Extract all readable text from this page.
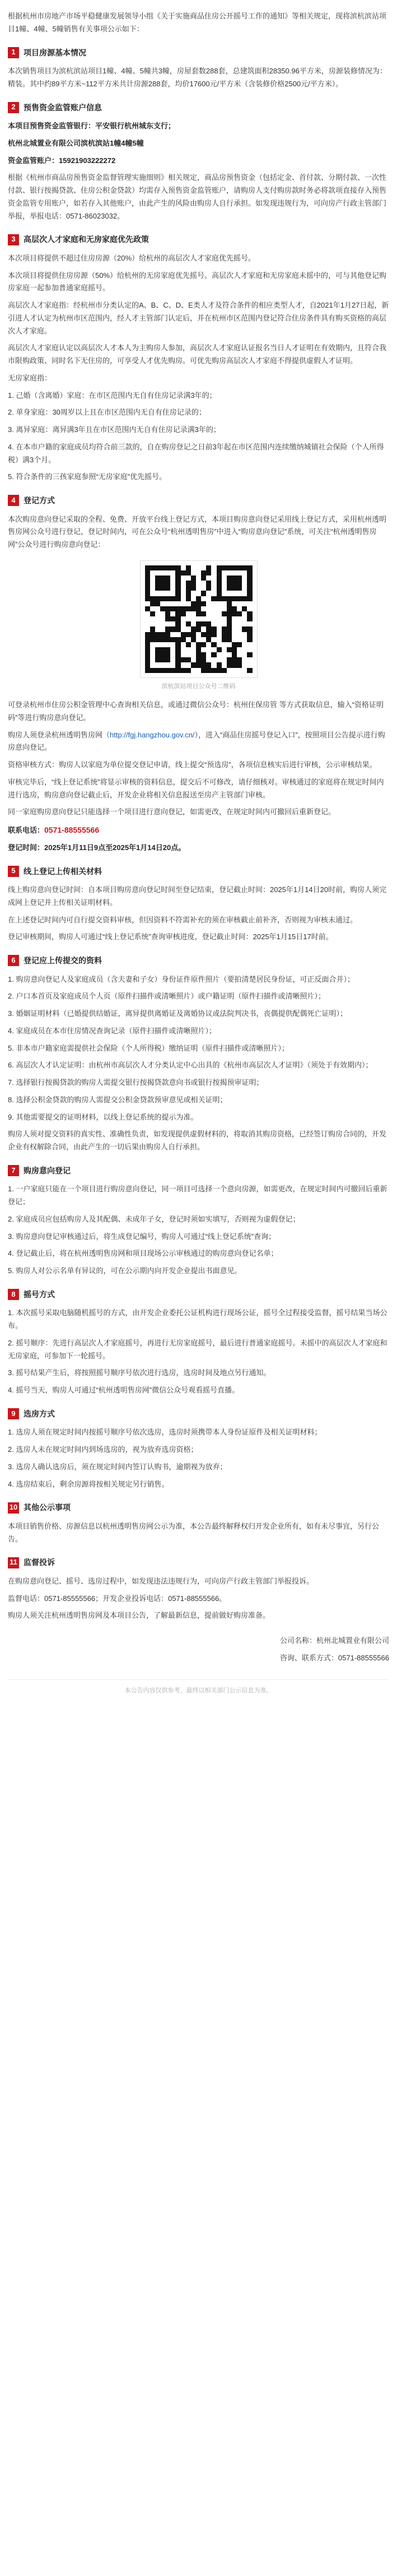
根据杭州市房地产市场平稳健康发展领导小组《关于实施商品住房公开摇号工作的通知》等相关规定，现将滨杭滨站项目1幢、4幢、5幢销售有关事项公示如下：

1	项目房源基本情况

本次销售项目为滨杭滨站项目1幢、4幢、5幢共3幢，房屋套数288套，总建筑面积28350.96平方米，房源装修情况为：精装。其中约89平方米~112平方米共计房源288套，均价17600元/平方米（含装修价格2500元/平方米）。

2	预售资金监管账户信息

本项目预售资金监管银行：平安银行杭州城东支行；

杭州北城置业有限公司滨杭滨站1幢4幢5幢

资金监管账户：15921903222272

根据《杭州市商品房预售资金监督管理实施细则》相关规定，商品房预售资金（包括定金、首付款、分期付款、一次性付款、银行按揭贷款、住房公积金贷款）均需存入预售资金监管账户，请购房人支付购房款时务必将款项直接存入预售资金监管专用账户，如若存入其他账户，由此产生的风险由购房人自行承担。如发现违规行为，可向房产行政主管部门举报，举报电话：0571-86023032。

3	高层次人才家庭和无房家庭优先政策

本次项目将提供不超过住房房源（20%）给杭州的高层次人才家庭优先摇号。

本次项目将提供住房房源（50%）给杭州的无房家庭优先摇号。高层次人才家庭和无房家庭未摇中的，可与其他登记购房家庭一起参加普通家庭摇号。

高层次人才家庭指：经杭州市分类认定的A、B、C、D、E类人才及符合条件的相应类型人才，自2021年1月27日起，新引进人才认定为杭州市区范围内，经人才主管部门认定后，并在杭州市区范围内登记符合住房条件具有购买资格的高层次人才家庭。

高层次人才家庭认定以高层次人才本人为主购房人参加，高层次人才家庭认证报名当日人才证明在有效期内，且符合我市限购政策、同时名下无住房的，可享受人才优先购房。可优先购房高层次人才家庭不得提供虚假人才证明。

无房家庭指：

1. 己婚（含离婚）家庭：在市区范围内无自有住房记录满3年的；

2. 单身家庭：30周岁以上且在市区范围内无自有住房记录的；

3. 离异家庭：离异满3年且在市区范围内无自有住房记录满3年的；

4. 在本市户籍的家庭成员均符合前三款的，自在购房登记之日前3年起在市区范围内连续缴纳城镇社会保险（个人所得税）满3个月。

5. 符合条件的三孩家庭参照“无房家庭”优先摇号。

4	登记方式

本次购房意向登记采取的全程、免费、开放平台线上登记方式，本项目购房意向登记采用线上登记方式，采用杭州透明售房网公众号进行登记，登记时间内，可在公众号“杭州透明售房”中进入“购房意向登记”系统，可关注“杭州透明售房网”公众号进行购房意向登记：

滨杭滨站项目公众号二维码

可登录杭州市住房公积金管理中心查询相关信息，或通过微信公众号：杭州住保房管 等方式获取信息，输入“资格证明码”等进行购房意向登记。

购房人须登录杭州透明售房网（http://fgj.hangzhou.gov.cn/），进入“商品住房摇号登记入口”，按照项目公告提示进行购房意向登记。

资格审核方式：购房人以家庭为单位提交登记申请，线上提交“预选房”，各项信息核实后进行审核，公示审核结果。

审核完毕后，“线上登记系统”将显示审核的资料信息，提交后不可修改，请仔细核对。审核通过的家庭将在规定时间内进行选房，购房意向登记截止后，开发企业将相关信息报送至房产主管部门审核。

同一家庭购房意向登记只能选择一个项目进行意向登记，如需更改，在规定时间内可撤回后重新登记。

联系电话：0571-88555566

登记时间：2025年1月11日9点至2025年1月14日20点。

5	线上登记上传相关材料

线上购房意向登记时间：自本项目购房意向登记时间至登记结束，登记截止时间：2025年1月14日20时前，购房人须完成网上登记并上传相关证明材料。

在上述登记时间内可自行提交资料审核，但因资料不符需补充的须在审核截止前补齐，否则视为审核未通过。

登记审核期间，购房人可通过“线上登记系统”查询审核进度，登记截止时间：2025年1月15日17时前。

6	登记应上传提交的资料

1. 购房意向登记人及家庭成员（含夫妻和子女）身份证件原件照片（要拍清楚居民身份证，可正反面合并）；

2. 户口本首页及家庭成员个人页（原件扫描件或清晰照片）或户籍证明（原件扫描件或清晰照片）；

3. 婚姻证明材料（已婚提供结婚证，离异提供离婚证及离婚协议或法院判决书，丧偶提供配偶死亡证明）；

4. 家庭成员在本市住房情况查询记录（原件扫描件或清晰照片）；

5. 非本市户籍家庭需提供社会保险（个人所得税）缴纳证明（原件扫描件或清晰照片）；

6. 高层次人才认定证明：由杭州市高层次人才分类认定中心出具的《杭州市高层次人才证明》（须处于有效期内）；

7. 选择银行按揭贷款的购房人需提交银行按揭贷款意向书或银行按揭预审证明；

8. 选择公积金贷款的购房人需提交公积金贷款预审意见或相关证明；

9. 其他需要提交的证明材料，以线上登记系统的提示为准。

购房人须对提交资料的真实性、准确性负责，如发现提供虚假材料的，将取消其购房资格，已经签订购房合同的，开发企业有权解除合同，由此产生的一切后果由购房人自行承担。

7	购房意向登记

1. 一户家庭只能在一个项目进行购房意向登记，同一项目可选择一个意向房源，如需更改，在规定时间内可撤回后重新登记；

2. 家庭成员应包括购房人及其配偶、未成年子女，登记时须如实填写，否则视为虚假登记；

3. 购房意向登记审核通过后，将生成登记编号，购房人可通过“线上登记系统”查询；

4. 登记截止后，将在杭州透明售房网和项目现场公示审核通过的购房意向登记名单；

5. 购房人对公示名单有异议的，可在公示期内向开发企业提出书面意见。

8	摇号方式

1. 本次摇号采取电脑随机摇号的方式，由开发企业委托公证机构进行现场公证，摇号全过程接受监督，摇号结果当场公布。

2. 摇号顺序：先进行高层次人才家庭摇号，再进行无房家庭摇号，最后进行普通家庭摇号。未摇中的高层次人才家庭和无房家庭，可参加下一轮摇号。

3. 摇号结果产生后，将按照摇号顺序号依次进行选房，选房时间及地点另行通知。

4. 摇号当天，购房人可通过“杭州透明售房网”微信公众号观看摇号直播。

9	选房方式

1. 选房人须在规定时间内按摇号顺序号依次选房，选房时须携带本人身份证原件及相关证明材料；

2. 选房人未在规定时间内到场选房的，视为放弃选房资格；

3. 选房人确认选房后，须在规定时间内签订认购书，逾期视为放弃；

4. 选房结束后，剩余房源将按相关规定另行销售。

10 其他公示事项

本项目销售价格、房源信息以杭州透明售房网公示为准，本公告最终解释权归开发企业所有，如有未尽事宜，另行公告。

11 监督投诉

在购房意向登记、摇号、选房过程中，如发现违法违规行为，可向房产行政主管部门举报投诉。

监督电话：0571-85555566；开发企业投诉电话：0571-88555566。

购房人须关注杭州透明售房网及本项目公告，了解最新信息，提前做好购房准备。

公司名称：杭州北城置业有限公司

咨询、联系方式：0571-88555566

本公告内容仅供参考，最终以相关部门公示信息为准。
